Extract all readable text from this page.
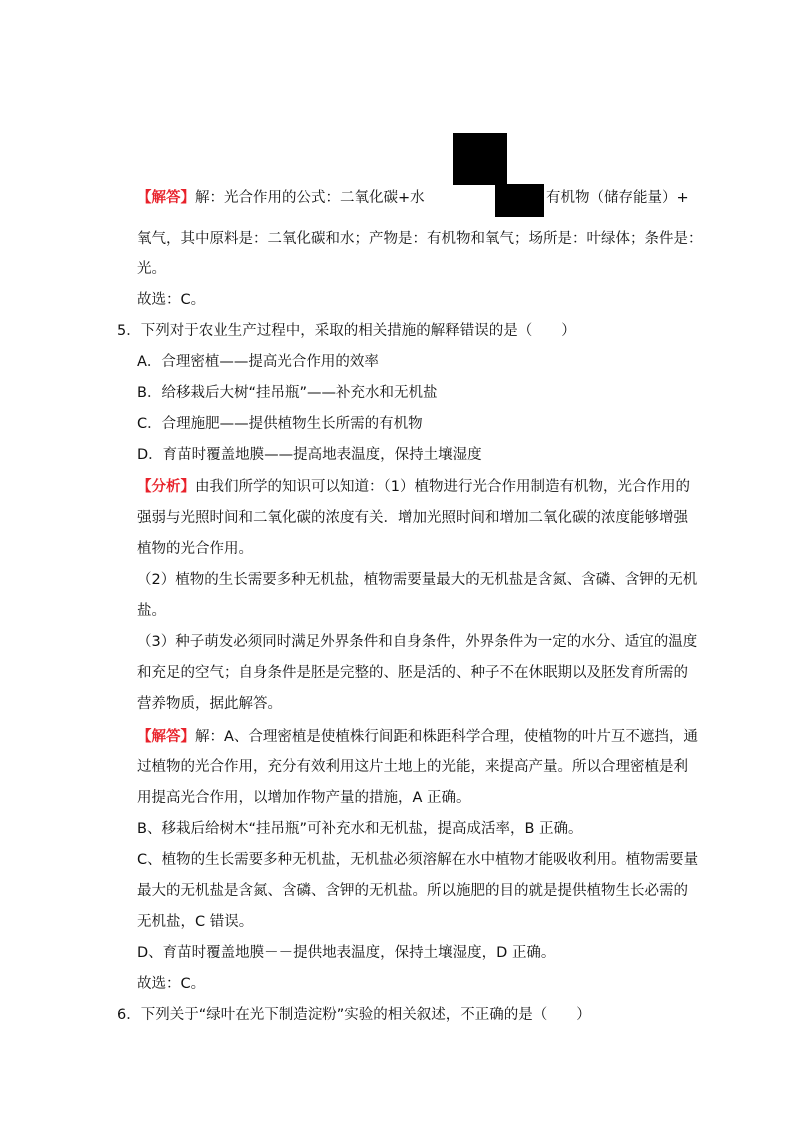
【解答】解：光合作用的公式：二氧化碳+水	有机物（储存能量）+
氧气，其中原料是：二氧化碳和水；产物是：有机物和氧气；场所是：叶绿体；条件是：
光。
故选：C。
5．下列对于农业生产过程中，采取的相关措施的解释错误的是（　　）
A．合理密植——提高光合作用的效率
B．给移栽后大树“挂吊瓶”——补充水和无机盐
C．合理施肥——提供植物生长所需的有机物
D．育苗时覆盖地膜——提高地表温度，保持土壤湿度
【分析】由我们所学的知识可以知道：（1）植物进行光合作用制造有机物，光合作用的
强弱与光照时间和二氧化碳的浓度有关．增加光照时间和增加二氧化碳的浓度能够增强
植物的光合作用。
（2）植物的生长需要多种无机盐，植物需要量最大的无机盐是含氮、含磷、含钾的无机
盐。
（3）种子萌发必须同时满足外界条件和自身条件，外界条件为一定的水分、适宜的温度
和充足的空气；自身条件是胚是完整的、胚是活的、种子不在休眠期以及胚发育所需的
营养物质，据此解答。
【解答】解：A、合理密植是使植株行间距和株距科学合理，使植物的叶片互不遮挡，通
过植物的光合作用，充分有效利用这片土地上的光能，来提高产量。所以合理密植是利
用提高光合作用，以增加作物产量的措施，A 正确。
B、移栽后给树木“挂吊瓶”可补充水和无机盐，提高成活率，B 正确。
C、植物的生长需要多种无机盐，无机盐必须溶解在水中植物才能吸收利用。植物需要量
最大的无机盐是含氮、含磷、含钾的无机盐。所以施肥的目的就是提供植物生长必需的
无机盐，C 错误。
D、育苗时覆盖地膜－－提供地表温度，保持土壤湿度，D 正确。
故选：C。
6．下列关于“绿叶在光下制造淀粉”实验的相关叙述，不正确的是（　　）
